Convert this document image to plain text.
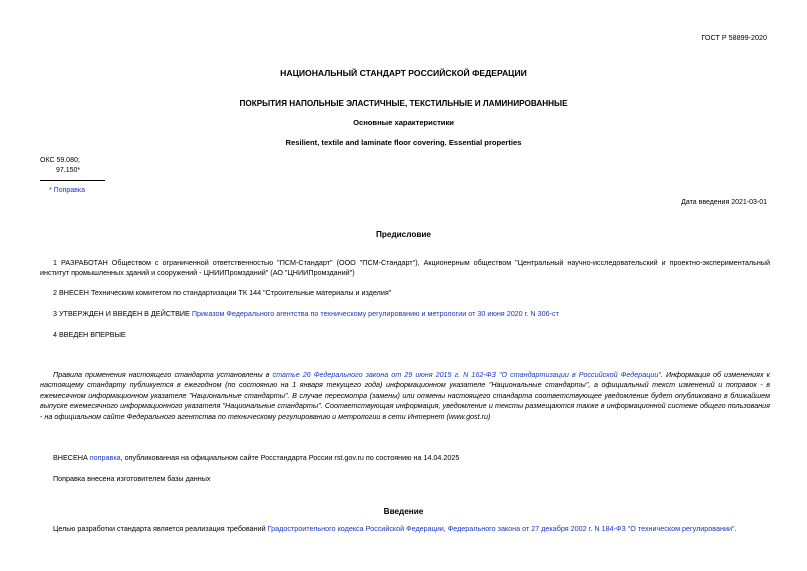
ГОСТ Р 58899-2020
НАЦИОНАЛЬНЫЙ СТАНДАРТ РОССИЙСКОЙ ФЕДЕРАЦИИ
ПОКРЫТИЯ НАПОЛЬНЫЕ ЭЛАСТИЧНЫЕ, ТЕКСТИЛЬНЫЕ И ЛАМИНИРОВАННЫЕ
Основные характеристики
Resilient, textile and laminate floor covering. Essential properties
ОКС 59.080;
97.150*
* Поправка
Дата введения 2021-03-01
Предисловие
1 РАЗРАБОТАН Обществом с ограниченной ответственностью "ПСМ-Стандарт" (ООО "ПСМ-Стандарт"), Акционерным обществом "Центральный научно-исследовательский и проектно-экспериментальный институт промышленных зданий и сооружений - ЦНИИПромзданий" (АО "ЦНИИПромзданий")
2 ВНЕСЕН Техническим комитетом по стандартизации ТК 144 "Строительные материалы и изделия"
3 УТВЕРЖДЕН И ВВЕДЕН В ДЕЙСТВИЕ Приказом Федерального агентства по техническому регулированию и метрологии от 30 июня 2020 г. N 306-ст
4 ВВЕДЕН ВПЕРВЫЕ
Правила применения настоящего стандарта установлены в статье 26 Федерального закона от 29 июня 2015 г. N 162-ФЗ "О стандартизации в Российской Федерации". Информация об изменениях к настоящему стандарту публикуется в ежегодном (по состоянию на 1 января текущего года) информационном указателе "Национальные стандарты", а официальный текст изменений и поправок - в ежемесячном информационном указателе "Национальные стандарты". В случае пересмотра (замены) или отмены настоящего стандарта соответствующее уведомление будет опубликовано в ближайшем выпуске ежемесячного информационного указателя "Национальные стандарты". Соответствующая информация, уведомление и тексты размещаются также в информационной системе общего пользования - на официальном сайте Федерального агентства по техническому регулированию и метрологии в сети Интернет (www.gost.ru)
ВНЕСЕНА поправка, опубликованная на официальном сайте Росстандарта России rst.gov.ru по состоянию на 14.04.2025
Поправка внесена изготовителем базы данных
Введение
Целью разработки стандарта является реализация требований Градостроительного кодекса Российской Федерации, Федерального закона от 27 декабря 2002 г. N 184-ФЗ "О техническом регулировании".
